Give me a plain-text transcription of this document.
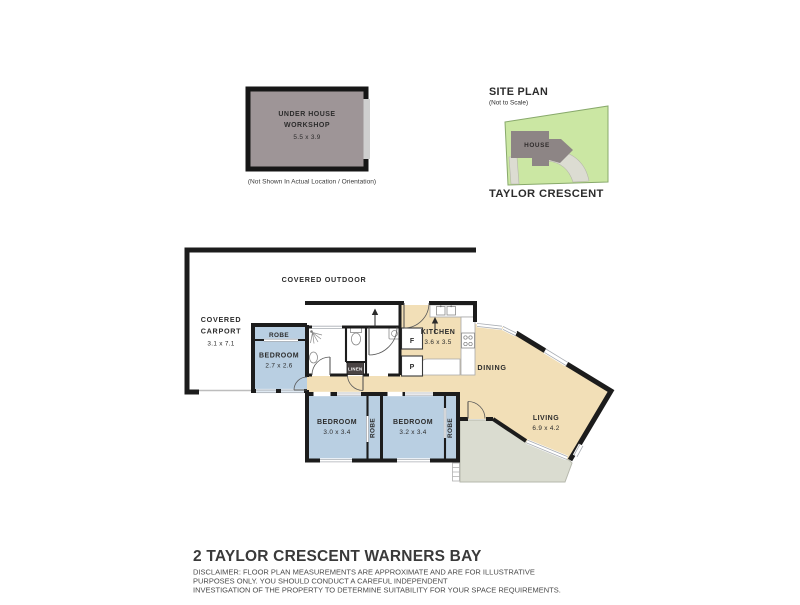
UNDER HOUSE
WORKSHOP
5.5 x 3.9
(Not Shown In Actual Location / Orientation)
SITE PLAN
(Not to Scale)
HOUSE
TAYLOR CRESCENT
COVERED OUTDOOR
COVERED
CARPORT
3.1 x 7.1
ROBE
BEDROOM
2.7 x 2.6
KITCHEN
3.6 x 3.5
DINING
LIVING
6.9 x 4.2
BEDROOM
3.0 x 3.4
BEDROOM
3.2 x 3.4
ROBE	ROBE
LINEN
F
P
2 TAYLOR CRESCENT WARNERS BAY
DISCLAIMER: FLOOR PLAN MEASUREMENTS ARE APPROXIMATE AND ARE FOR ILLUSTRATIVE
PURPOSES ONLY. YOU SHOULD CONDUCT A CAREFUL INDEPENDENT
INVESTIGATION OF THE PROPERTY TO DETERMINE SUITABILITY FOR YOUR SPACE REQUIREMENTS.
